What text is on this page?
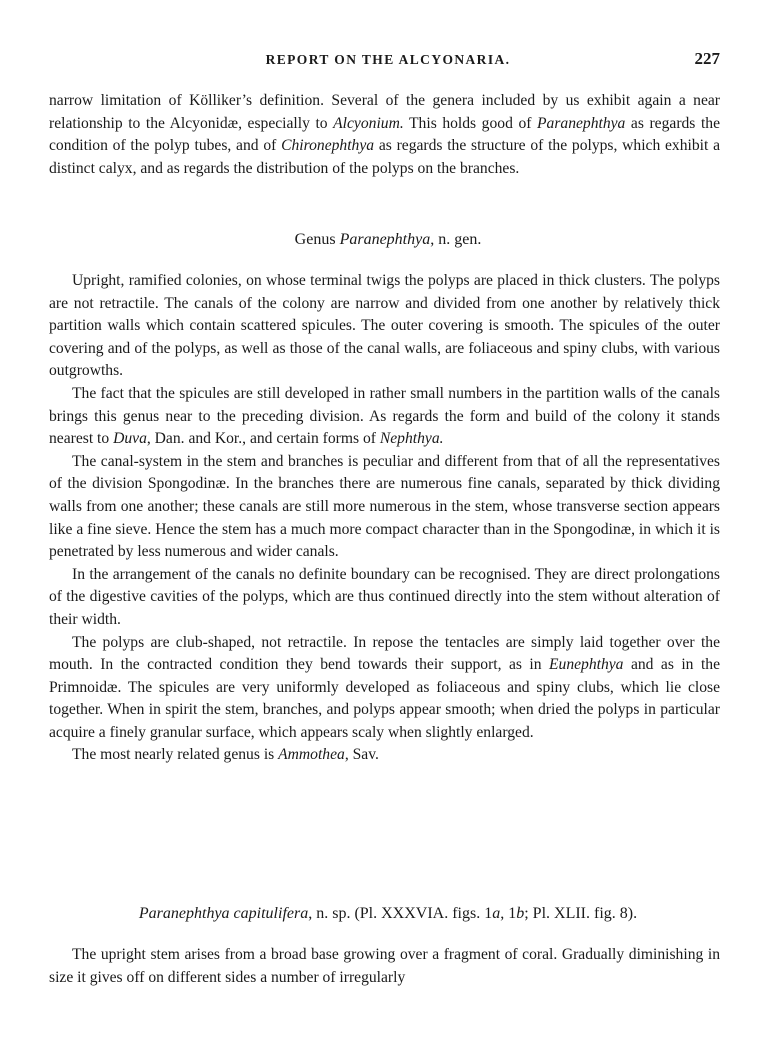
REPORT ON THE ALCYONARIA.	227

narrow limitation of Kölliker’s definition. Several of the genera included by us exhibit again a near relationship to the Alcyonidæ, especially to Alcyonium. This holds good of Paranephthya as regards the condition of the polyp tubes, and of Chironephthya as regards the structure of the polyps, which exhibit a distinct calyx, and as regards the distribution of the polyps on the branches.

Genus Paranephthya, n. gen.

Upright, ramified colonies, on whose terminal twigs the polyps are placed in thick clusters. The polyps are not retractile. The canals of the colony are narrow and divided from one another by relatively thick partition walls which contain scattered spicules. The outer covering is smooth. The spicules of the outer covering and of the polyps, as well as those of the canal walls, are foliaceous and spiny clubs, with various outgrowths.

The fact that the spicules are still developed in rather small numbers in the partition walls of the canals brings this genus near to the preceding division. As regards the form and build of the colony it stands nearest to Duva, Dan. and Kor., and certain forms of Nephthya.

The canal-system in the stem and branches is peculiar and different from that of all the representatives of the division Spongodinæ. In the branches there are numerous fine canals, separated by thick dividing walls from one another; these canals are still more numerous in the stem, whose transverse section appears like a fine sieve. Hence the stem has a much more compact character than in the Spongodinæ, in which it is penetrated by less numerous and wider canals.

In the arrangement of the canals no definite boundary can be recognised. They are direct prolongations of the digestive cavities of the polyps, which are thus continued directly into the stem without alteration of their width.

The polyps are club-shaped, not retractile. In repose the tentacles are simply laid together over the mouth. In the contracted condition they bend towards their support, as in Eunephthya and as in the Primnoidæ. The spicules are very uniformly developed as foliaceous and spiny clubs, which lie close together. When in spirit the stem, branches, and polyps appear smooth; when dried the polyps in particular acquire a finely granular surface, which appears scaly when slightly enlarged.

The most nearly related genus is Ammothea, Sav.

Paranephthya capitulifera, n. sp. (Pl. XXXVIA. figs. 1a, 1b; Pl. XLII. fig. 8).

The upright stem arises from a broad base growing over a fragment of coral. Gradually diminishing in size it gives off on different sides a number of irregularly
